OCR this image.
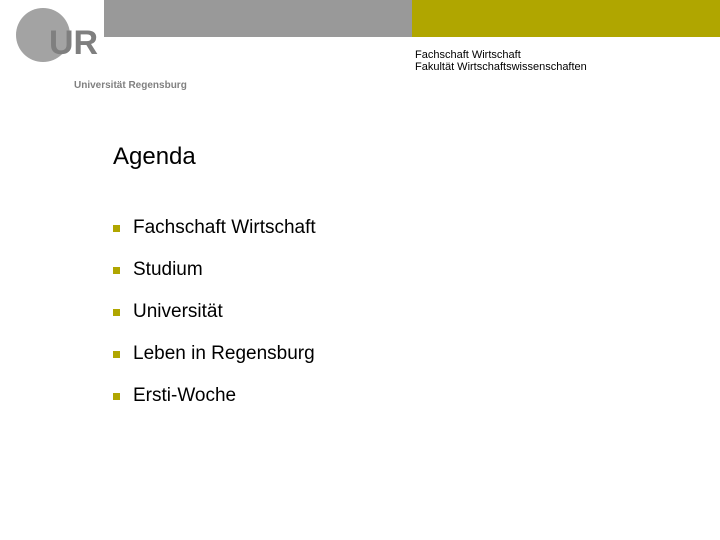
UR
Universität Regensburg
Fachschaft Wirtschaft
Fakultät Wirtschaftswissenschaften
Agenda
Fachschaft Wirtschaft
Studium
Universität
Leben in Regensburg
Ersti-Woche
